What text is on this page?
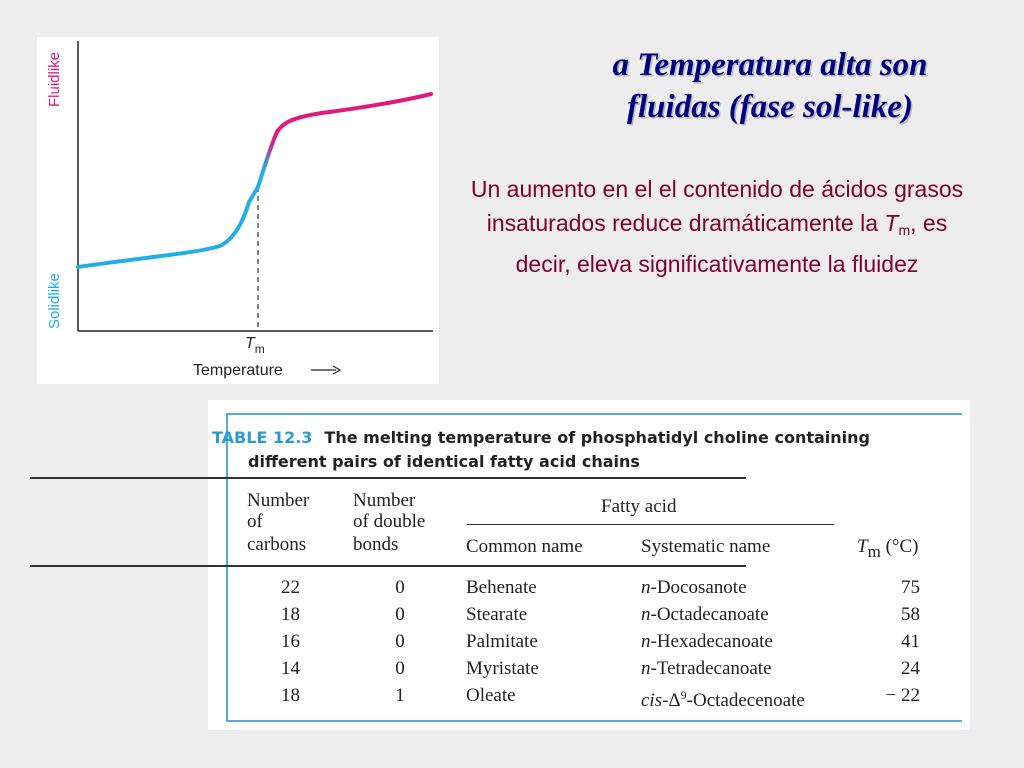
Fluidlike
Solidlike
$T_m$
Temperature
a Temperatura alta son
fluidas (fase sol-like)

Un aumento en el el contenido de ácidos grasos insaturados reduce dramáticamente la $T_m$, es decir, eleva significativamente la fluidez

TABLE 12.3 The melting temperature of phosphatidyl choline containing
different pairs of identical fatty acid chains
Number
of
carbons
Number
of double
bonds
Fatty acid
Common name	Systematic name	$T_m$ (°C)
22	0	Behenate	n-Docosanote	75
18	0	Stearate	n-Octadecanoate	58
16	0	Palmitate	n-Hexadecanoate	41
14	0	Myristate	n-Tetradecanoate	24
18	1	Oleate	cis-$\Delta^9$-Octadecenoate	− 22
